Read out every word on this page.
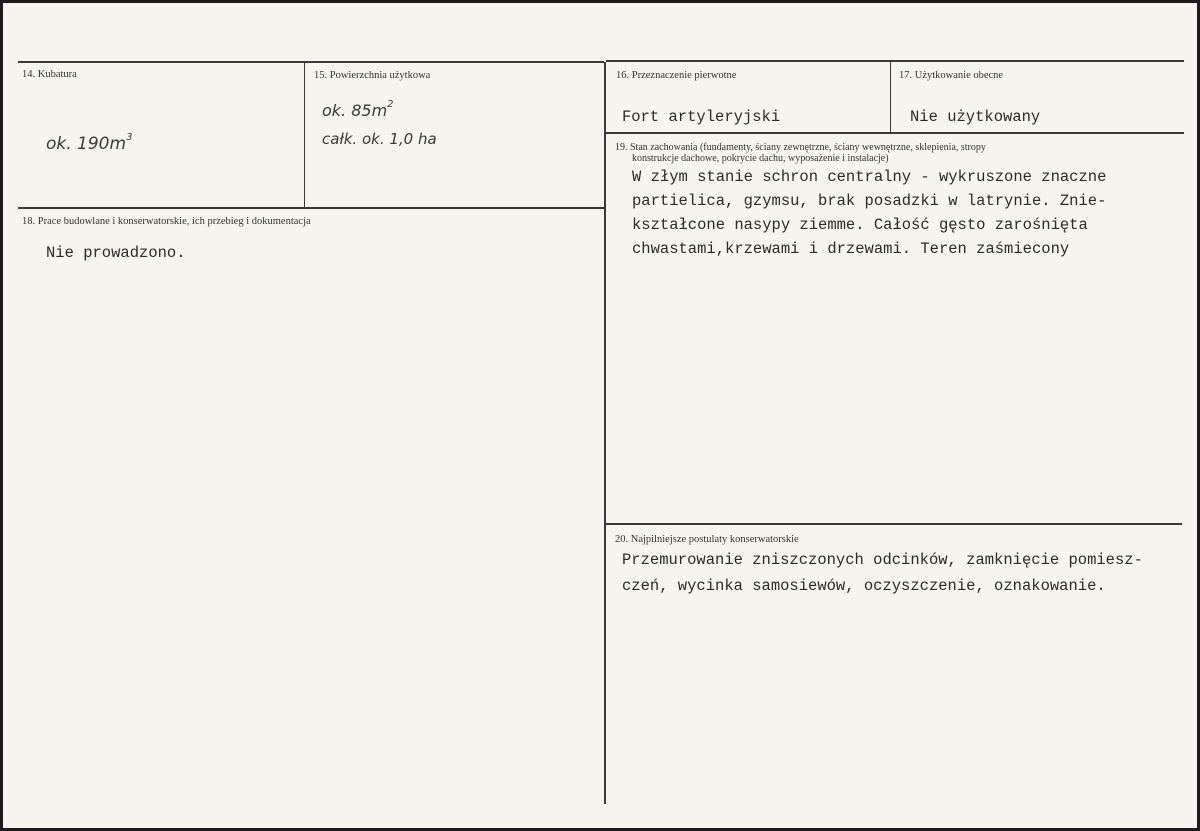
14. Kubatura
ok. $190m^3$
15. Powierzchnia użytkowa
ok. $85m^2$
całk. ok. 1,0 ha
16. Przeznaczenie pierwotne
Fort artyleryjski
17. Użytkowanie obecne
Nie użytkowany
18. Prace budowlane i konserwatorskie, ich przebieg i dokumentacja
Nie prowadzono.
19. Stan zachowania (fundamenty, ściany zewnętrzne, ściany wewnętrzne, sklepienia, stropy
konstrukcje dachowe, pokrycie dachu, wyposażenie i instalacje)
W złym stanie schron centralny - wykruszone znaczne
partielica, gzymsu, brak posadzki w latrynie. Znie-
kształcone nasypy ziemme. Całość gęsto zarośnięta
chwastami,krzewami i drzewami. Teren zaśmiecony
20. Najpilniejsze postulaty konserwatorskie
Przemurowanie zniszczonych odcinków, zamknięcie pomiesz-
czeń, wycinka samosiewów, oczyszczenie, oznakowanie.
